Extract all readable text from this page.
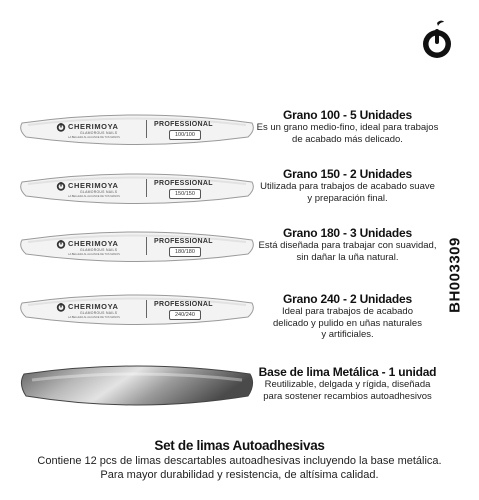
BH003309
CHERIMOYA
GLAMOROUS NAILS
LA BELLEZA AL ALCANCE DE TUS MANOS
PROFESSIONAL
100/100
CHERIMOYA
GLAMOROUS NAILS
LA BELLEZA AL ALCANCE DE TUS MANOS
PROFESSIONAL
150/150
CHERIMOYA
GLAMOROUS NAILS
LA BELLEZA AL ALCANCE DE TUS MANOS
PROFESSIONAL
180/180
CHERIMOYA
GLAMOROUS NAILS
LA BELLEZA AL ALCANCE DE TUS MANOS
PROFESSIONAL
240/240
Grano 100 - 5 Unidades
Es un grano medio-fino, ideal para trabajos
de acabado más delicado.
Grano 150 - 2 Unidades
Utilizada para trabajos de acabado suave
y preparación final.
Grano 180 - 3 Unidades
Está diseñada para trabajar con suavidad,
sin dañar la uña natural.
Grano 240 - 2 Unidades
Ideal para trabajos de acabado
delicado y pulido en uñas naturales
y artificiales.
Base de lima Metálica - 1 unidad
Reutilizable, delgada y rígida, diseñada
para sostener recambios autoadhesivos
Set de limas Autoadhesivas
Contiene 12 pcs de limas descartables autoadhesivas incluyendo la base metálica.
Para mayor durabilidad y resistencia, de altísima calidad.
